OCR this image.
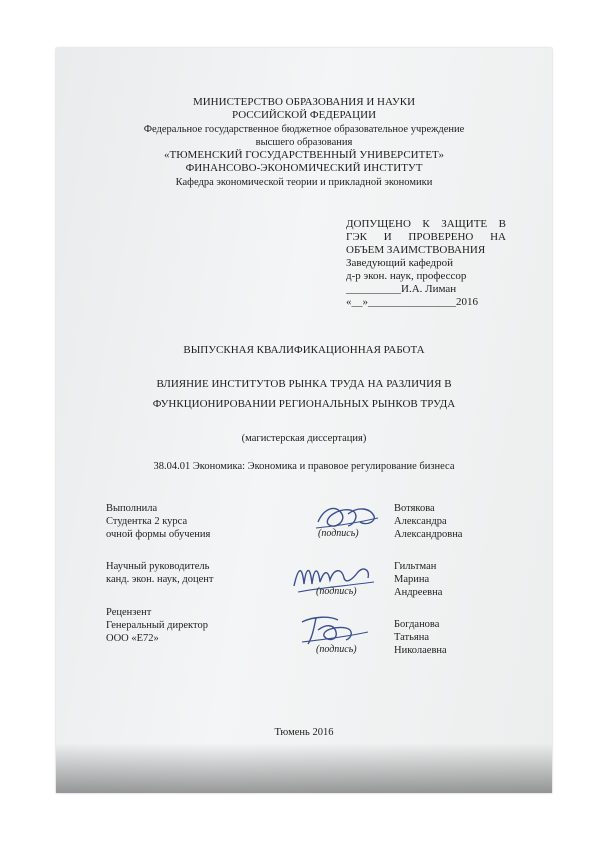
МИНИСТЕРСТВО ОБРАЗОВАНИЯ И НАУКИ
РОССИЙСКОЙ ФЕДЕРАЦИИ
Федеральное государственное бюджетное образовательное учреждение
высшего образования
«ТЮМЕНСКИЙ ГОСУДАРСТВЕННЫЙ УНИВЕРСИТЕТ»
ФИНАНСОВО-ЭКОНОМИЧЕСКИЙ ИНСТИТУТ
Кафедра экономической теории и прикладной экономики
ДОПУЩЕНО К ЗАЩИТЕ В
ГЭК И ПРОВЕРЕНО НА
ОБЪЕМ ЗАИМСТВОВАНИЯ
Заведующий кафедрой
д-р экон. наук, профессор
__________И.А. Лиман
«__»________________2016
ВЫПУСКНАЯ КВАЛИФИКАЦИОННАЯ РАБОТА
ВЛИЯНИЕ ИНСТИТУТОВ РЫНКА ТРУДА НА РАЗЛИЧИЯ В
ФУНКЦИОНИРОВАНИИ РЕГИОНАЛЬНЫХ РЫНКОВ ТРУДА
(магистерская диссертация)
38.04.01 Экономика: Экономика и правовое регулирование бизнеса
Выполнила
Студентка 2 курса
очной формы обучения	(подпись)
Вотякова
Александра
Александровна
Научный руководитель
канд. экон. наук, доцент
(подпись)
Гильтман
Марина
Андреевна
Рецензент
Генеральный директор
ООО «Е72»
(подпись)
Богданова
Татьяна
Николаевна
Тюмень 2016
